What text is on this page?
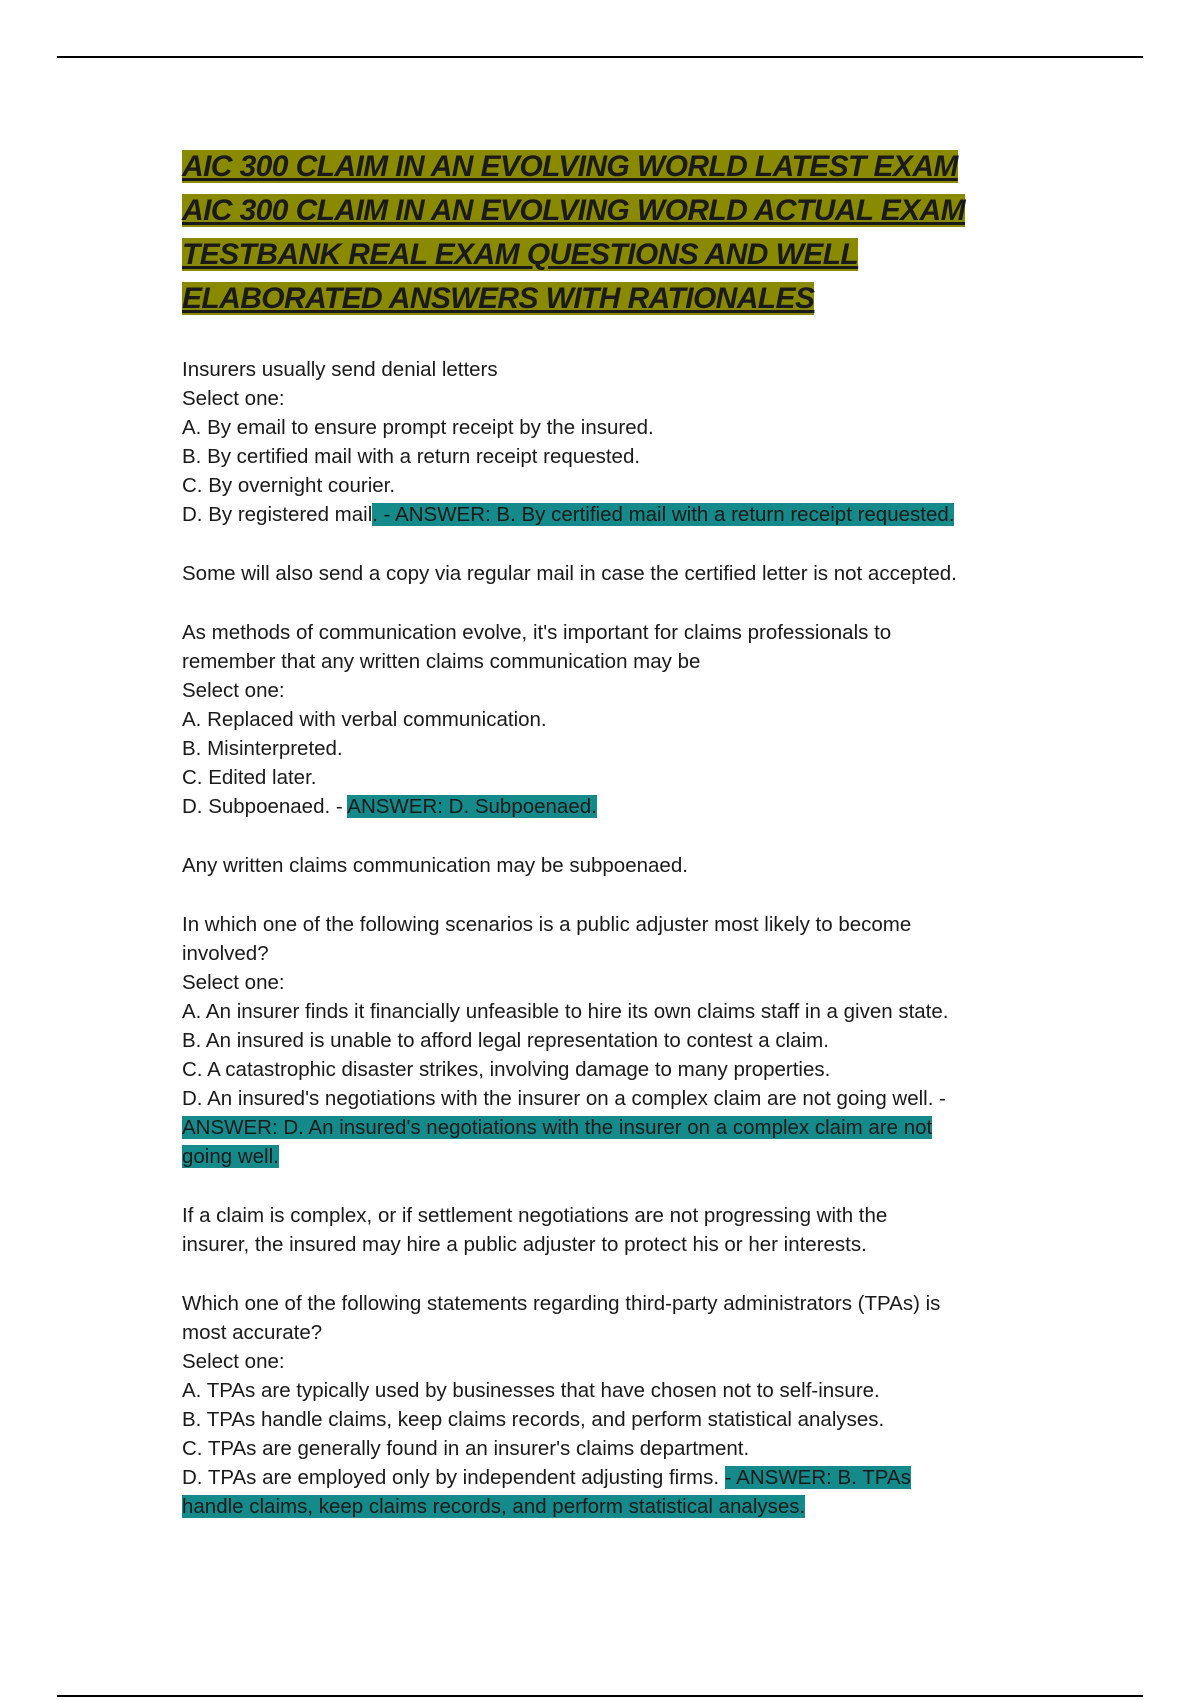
AIC 300 CLAIM IN AN EVOLVING WORLD LATEST EXAM
AIC 300 CLAIM IN AN EVOLVING WORLD ACTUAL EXAM
TESTBANK REAL EXAM QUESTIONS AND WELL
ELABORATED ANSWERS WITH RATIONALES
Insurers usually send denial letters
Select one:
A. By email to ensure prompt receipt by the insured.
B. By certified mail with a return receipt requested.
C. By overnight courier.
D. By registered mail. - ANSWER: B. By certified mail with a return receipt requested.
Some will also send a copy via regular mail in case the certified letter is not accepted.
As methods of communication evolve, it's important for claims professionals to
remember that any written claims communication may be
Select one:
A. Replaced with verbal communication.
B. Misinterpreted.
C. Edited later.
D. Subpoenaed. - ANSWER: D. Subpoenaed.
Any written claims communication may be subpoenaed.
In which one of the following scenarios is a public adjuster most likely to become
involved?
Select one:
A. An insurer finds it financially unfeasible to hire its own claims staff in a given state.
B. An insured is unable to afford legal representation to contest a claim.
C. A catastrophic disaster strikes, involving damage to many properties.
D. An insured's negotiations with the insurer on a complex claim are not going well. -
ANSWER: D. An insured's negotiations with the insurer on a complex claim are not
going well.
If a claim is complex, or if settlement negotiations are not progressing with the
insurer, the insured may hire a public adjuster to protect his or her interests.
Which one of the following statements regarding third-party administrators (TPAs) is
most accurate?
Select one:
A. TPAs are typically used by businesses that have chosen not to self-insure.
B. TPAs handle claims, keep claims records, and perform statistical analyses.
C. TPAs are generally found in an insurer's claims department.
D. TPAs are employed only by independent adjusting firms. - ANSWER: B. TPAs
handle claims, keep claims records, and perform statistical analyses.
